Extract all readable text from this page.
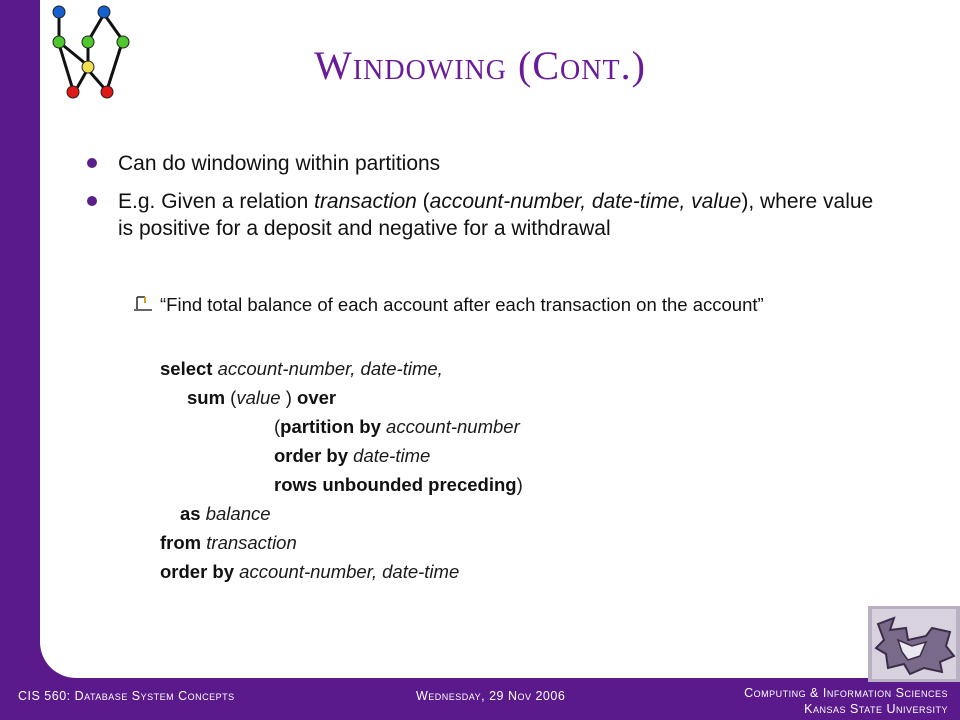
Windowing (Cont.)
Can do windowing within partitions
E.g. Given a relation transaction (account-number, date-time, value), where value is positive for a deposit and negative for a withdrawal
“Find total balance of each account after each transaction on the account”
select account-number, date-time,
sum (value ) over
(partition by account-number
order by date-time
rows unbounded preceding)
as balance
from transaction
order by account-number, date-time
CIS 560: Database System Concepts	Wednesday, 29 Nov 2006	Computing & Information Sciences
Kansas State University
